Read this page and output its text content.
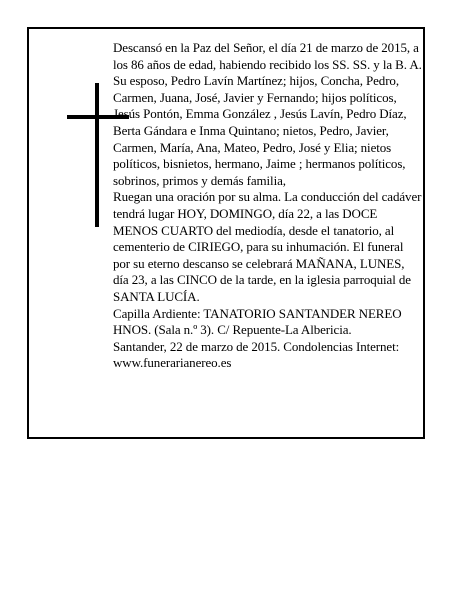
Descansó en la Paz del Señor, el día 21 de marzo de 2015, a los 86 años de edad, habiendo recibido los SS. SS. y la B. A.

Su esposo, Pedro Lavín Martínez; hijos, Concha, Pedro, Carmen, Juana, José, Javier y Fernando; hijos políticos, Jesús Pontón, Emma González , Jesús Lavín, Pedro Díaz, Berta Gándara e Inma Quintano; nietos, Pedro, Javier, Carmen, María, Ana, Mateo, Pedro, José y Elia; nietos políticos, bisnietos, hermano, Jaime ; hermanos políticos, sobrinos, primos y demás familia,

Ruegan una oración por su alma. La conducción del cadáver tendrá lugar HOY, DOMINGO, día 22, a las DOCE MENOS CUARTO del mediodía, desde el tanatorio, al cementerio de CIRIEGO, para su inhumación. El funeral por su eterno descanso se celebrará MAÑANA, LUNES, día 23, a las CINCO de la tarde, en la iglesia parroquial de SANTA LUCÍA.

Capilla Ardiente: TANATORIO SANTANDER NEREO HNOS. (Sala n.º 3). C/ Repuente-La Albericia.

Santander, 22 de marzo de 2015. Condolencias Internet: www.funerarianereo.es
